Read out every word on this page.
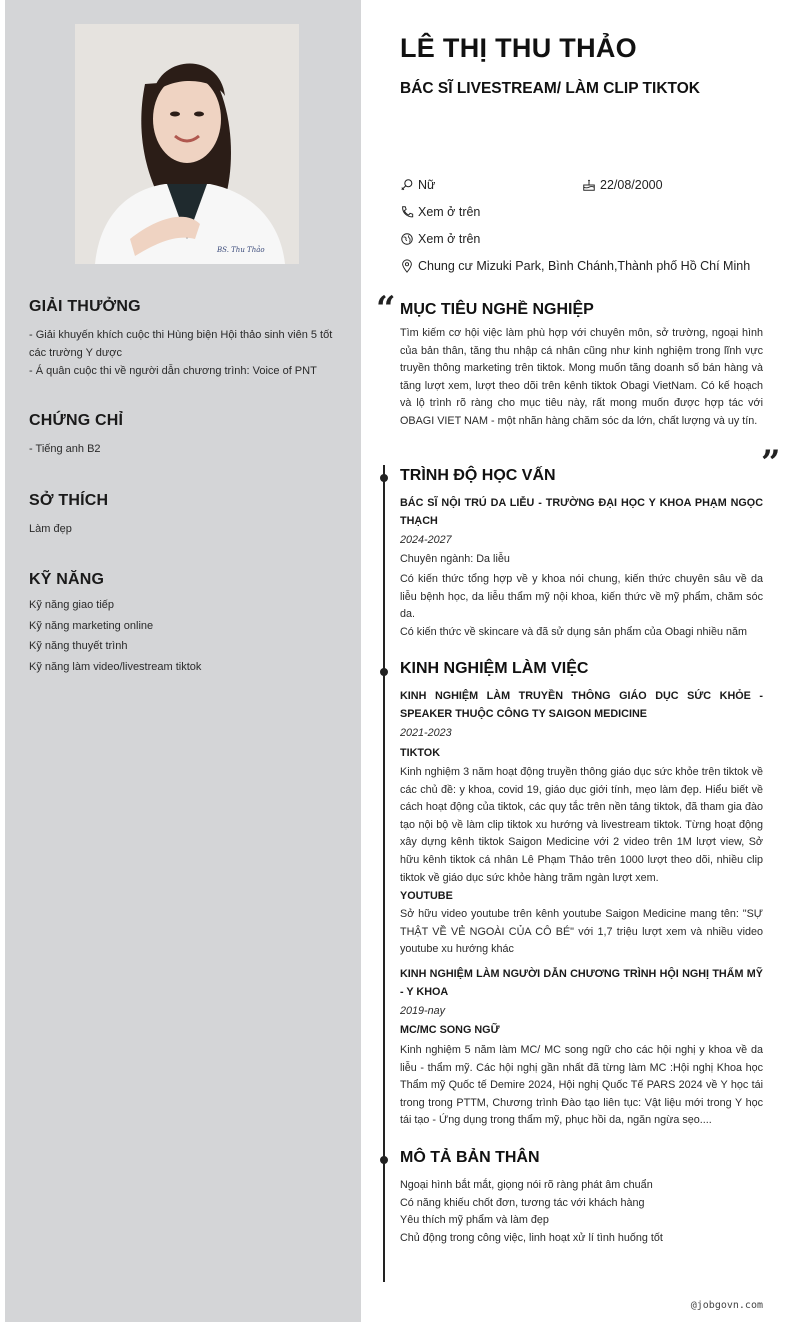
BS. Thu Thảo
GIẢI THƯỞNG
- Giải khuyến khích cuộc thi Hùng biện Hội thảo sinh viên 5 tốt
các trường Y dược
- Á quân cuộc thi về người dẫn chương trình: Voice of PNT
CHỨNG CHỈ
- Tiếng anh B2
SỞ THÍCH
Làm đẹp
KỸ NĂNG
Kỹ năng giao tiếp
Kỹ năng marketing online
Kỹ năng thuyết trình
Kỹ năng làm video/livestream tiktok
LÊ THỊ THU THẢO
BÁC SĨ LIVESTREAM/ LÀM CLIP TIKTOK
Nữ	22/08/2000
Xem ở trên
Xem ở trên
Chung cư Mizuki Park, Bình Chánh,Thành phố Hồ Chí Minh
“ MỤC TIÊU NGHỀ NGHIỆP
Tìm kiếm cơ hội việc làm phù hợp với chuyên môn, sở trường, ngoại hình của bản thân, tăng thu nhập cá nhân cũng như kinh nghiệm trong lĩnh vực truyền thông marketing trên tiktok. Mong muốn tăng doanh số bán hàng và tăng lượt xem, lượt theo dõi trên kênh tiktok Obagi VietNam. Có kế hoạch và lộ trình rõ ràng cho mục tiêu này, rất mong muốn được hợp tác với OBAGI VIET NAM - một nhãn hàng chăm sóc da lớn, chất lượng và uy tín.
”
TRÌNH ĐỘ HỌC VẤN
BÁC SĨ NỘI TRÚ DA LIỄU - TRƯỜNG ĐẠI HỌC Y KHOA PHẠM NGỌC THẠCH
2024-2027
Chuyên ngành: Da liễu
Có kiến thức tổng hợp về y khoa nói chung, kiến thức chuyên sâu về da liễu bệnh học, da liễu thẩm mỹ nội khoa, kiến thức về mỹ phẩm, chăm sóc da.
Có kiến thức về skincare và đã sử dụng sản phẩm của Obagi nhiều năm
KINH NGHIỆM LÀM VIỆC
KINH NGHIỆM LÀM TRUYỀN THÔNG GIÁO DỤC SỨC KHỎE - SPEAKER THUỘC CÔNG TY SAIGON MEDICINE
2021-2023
TIKTOK
Kinh nghiệm 3 năm hoạt động truyền thông giáo dục sức khỏe trên tiktok về các chủ đề: y khoa, covid 19, giáo dục giới tính, mẹo làm đẹp. Hiểu biết về cách hoạt động của tiktok, các quy tắc trên nền tảng tiktok, đã tham gia đào tạo nội bộ về làm clip tiktok xu hướng và livestream tiktok. Từng hoạt động xây dựng kênh tiktok Saigon Medicine với 2 video trên 1M lượt view, Sở hữu kênh tiktok cá nhân Lê Phạm Thảo trên 1000 lượt theo dõi, nhiều clip tiktok về giáo dục sức khỏe hàng trăm ngàn lượt xem.
YOUTUBE
Sở hữu video youtube trên kênh youtube Saigon Medicine mang tên: "SỰ THẬT VỀ VẺ NGOÀI CỦA CÔ BÉ" với 1,7 triệu lượt xem và nhiều video youtube xu hướng khác
KINH NGHIỆM LÀM NGƯỜI DẪN CHƯƠNG TRÌNH HỘI NGHỊ THẨM MỸ - Y KHOA
2019-nay
MC/MC SONG NGỮ
Kinh nghiệm 5 năm làm MC/ MC song ngữ cho các hội nghị y khoa về da liễu - thẩm mỹ. Các hội nghị gần nhất đã từng làm MC :Hội nghị Khoa học Thẩm mỹ Quốc tế Demire 2024, Hội nghị Quốc Tế PARS 2024 về Y học tái trong trong PTTM, Chương trình Đào tạo liên tục: Vật liệu mới trong Y học tái tạo - Ứng dụng trong thẩm mỹ, phục hồi da, ngăn ngừa sẹo....
MÔ TẢ BẢN THÂN
Ngoại hình bắt mắt, giọng nói rõ ràng phát âm chuẩn
Có năng khiếu chốt đơn, tương tác với khách hàng
Yêu thích mỹ phẩm và làm đẹp
Chủ động trong công việc, linh hoạt xử lí tình huống tốt
@jobgovn.com
